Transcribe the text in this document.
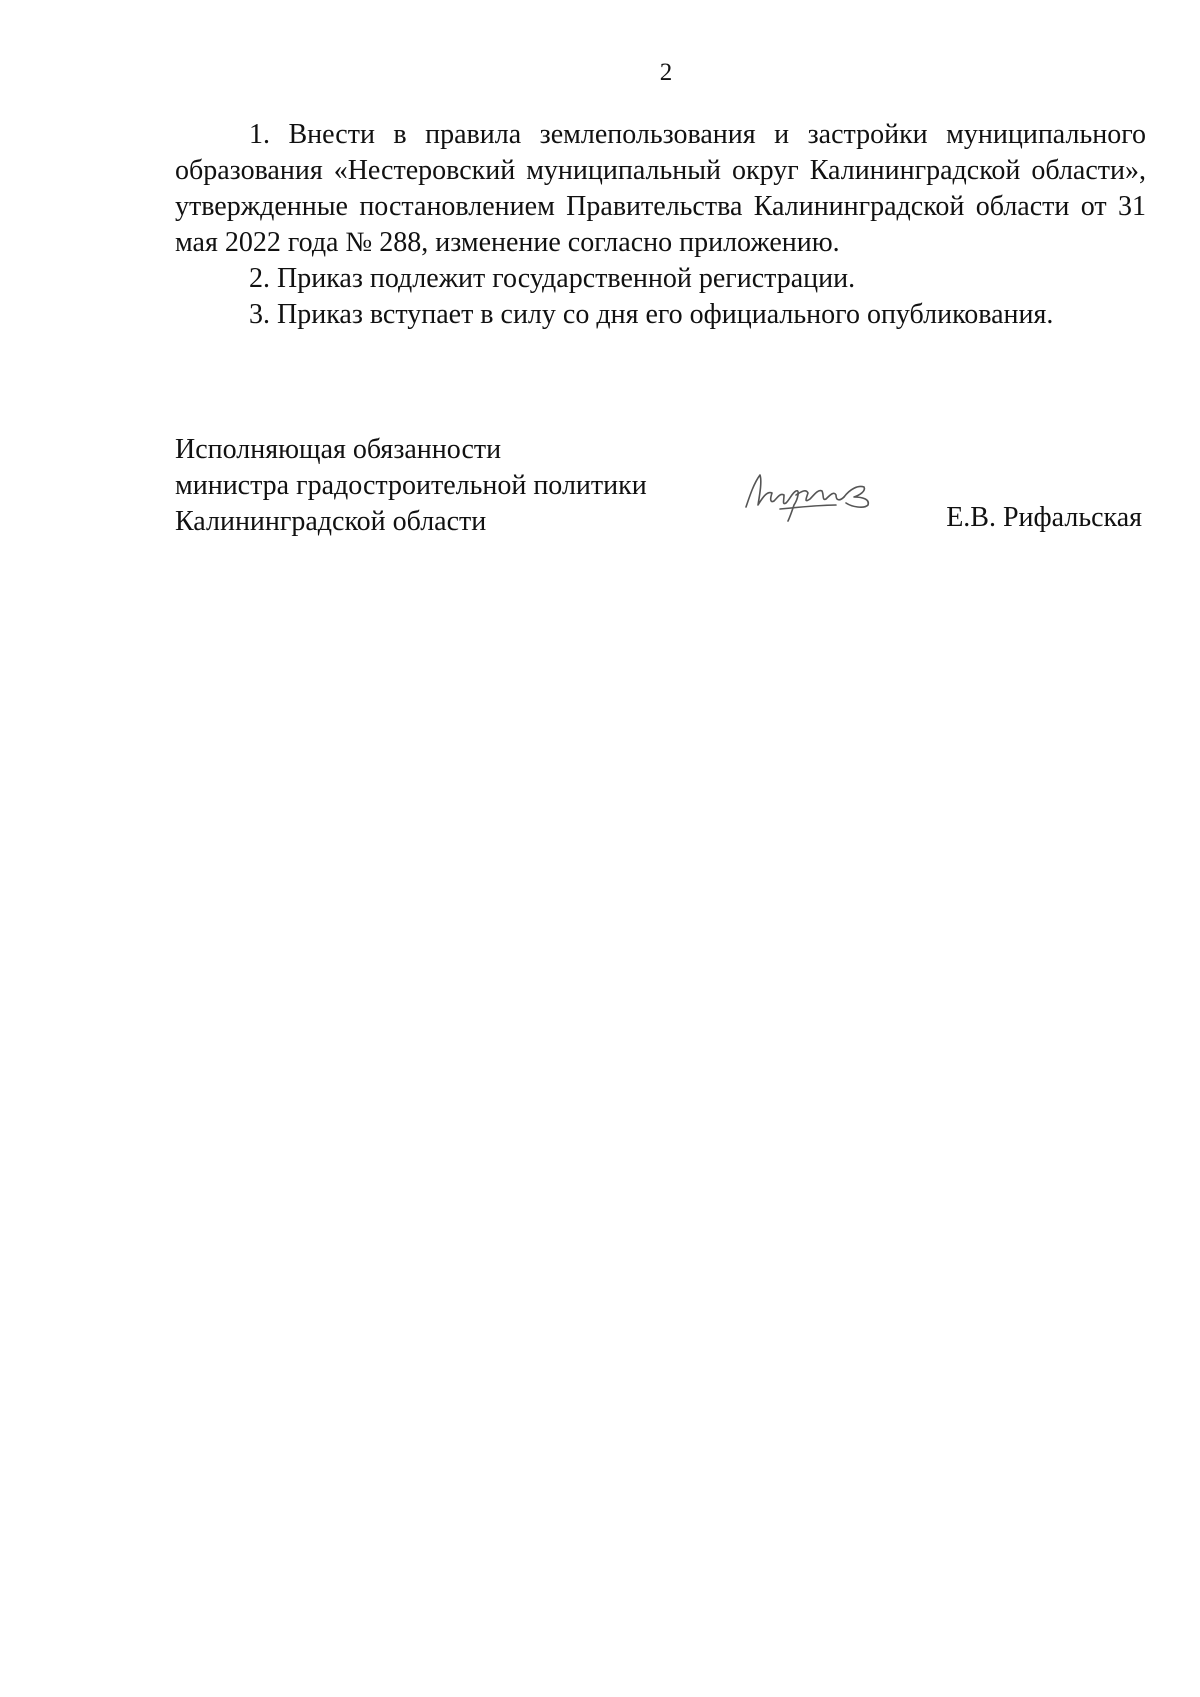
2

1. Внести в правила землепользования и застройки муниципального образования «Нестеровский муниципальный округ Калининградской области», утвержденные постановлением Правительства Калининградской области от 31 мая 2022 года № 288, изменение согласно приложению.

2. Приказ подлежит государственной регистрации.

3. Приказ вступает в силу со дня его официального опубликования.

Исполняющая обязанности
министра градостроительной политики
Калининградской области	Е.В. Рифальская
